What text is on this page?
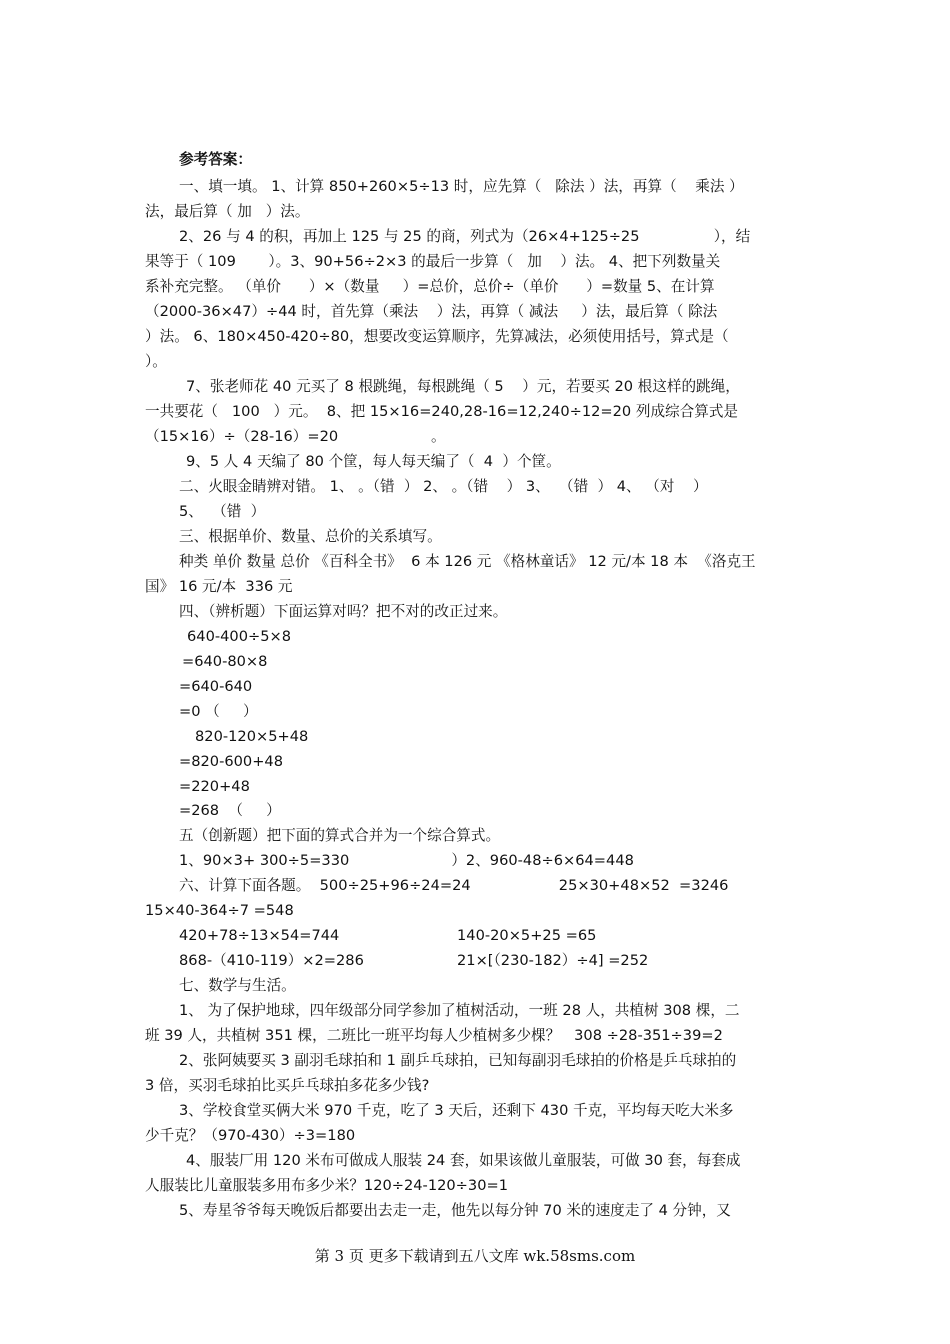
参考答案：
一、填一填。 1、计算 850+260×5÷13 时，应先算（   除法 ）法，再算（    乘法 ）
法，最后算（ 加   ）法。
2、26 与 4 的积，再加上 125 与 25 的商，列式为（26×4+125÷25                ），结
果等于（ 109       ）。3、90+56÷2×3 的最后一步算（   加    ）法。 4、把下列数量关
系补充完整。 （单价      ）×（数量     ）=总价，总价÷（单价      ）=数量 5、在计算
（2000-36×47）÷44 时，首先算（乘法    ）法，再算（ 减法     ）法，最后算（ 除法
）法。 6、180×450-420÷80，想要改变运算顺序，先算减法，必须使用括号，算式是（
）。
7、张老师花 40 元买了 8 根跳绳，每根跳绳（ 5    ）元，若要买 20 根这样的跳绳，
一共要花（   100   ）元。  8、把 15×16=240,28-16=12,240÷12=20 列成综合算式是
（15×16）÷（28-16）=20                    。
9、5 人 4 天编了 80 个筐，每人每天编了（  4  ）个筐。
二、火眼金睛辨对错。 1、 。（错  ） 2、 。（错    ） 3、  （错  ） 4、 （对    ）
5、  （错  ）
三、根据单价、数量、总价的关系填写。
种类 单价 数量 总价 《百科全书》  6 本 126 元 《格林童话》 12 元/本 18 本  《洛克王
国》 16 元/本  336 元
四、（辨析题）下面运算对吗？把不对的改正过来。
640-400÷5×8
=640-80×8
=640-640
=0 （     ）
820-120×5+48
=820-600+48
=220+48
=268  （     ）
五（创新题）把下面的算式合并为一个综合算式。
1、90×3+ 300÷5=330                      ）2、960-48÷6×64=448
六、计算下面各题。  500÷25+96÷24=24                   25×30+48×52  =3246
15×40-364÷7 =548
420+78÷13×54=744	140-20×5+25 =65
868-（410-119）×2=286	21×[（230-182）÷4] =252
七、数学与生活。
1、 为了保护地球，四年级部分同学参加了植树活动，一班 28 人，共植树 308 棵，二
班 39 人，共植树 351 棵，二班比一班平均每人少植树多少棵？   308 ÷28-351÷39=2
2、张阿姨要买 3 副羽毛球拍和 1 副乒乓球拍，已知每副羽毛球拍的价格是乒乓球拍的
3 倍，买羽毛球拍比买乒乓球拍多花多少钱?
3、学校食堂买俩大米 970 千克，吃了 3 天后，还剩下 430 千克，平均每天吃大米多
少千克？（970-430）÷3=180
4、服装厂用 120 米布可做成人服装 24 套，如果该做儿童服装，可做 30 套，每套成
人服装比儿童服装多用布多少米？120÷24-120÷30=1
5、寿星爷爷每天晚饭后都要出去走一走，他先以每分钟 70 米的速度走了 4 分钟，又
第 3 页 更多下载请到五八文库 wk.58sms.com
